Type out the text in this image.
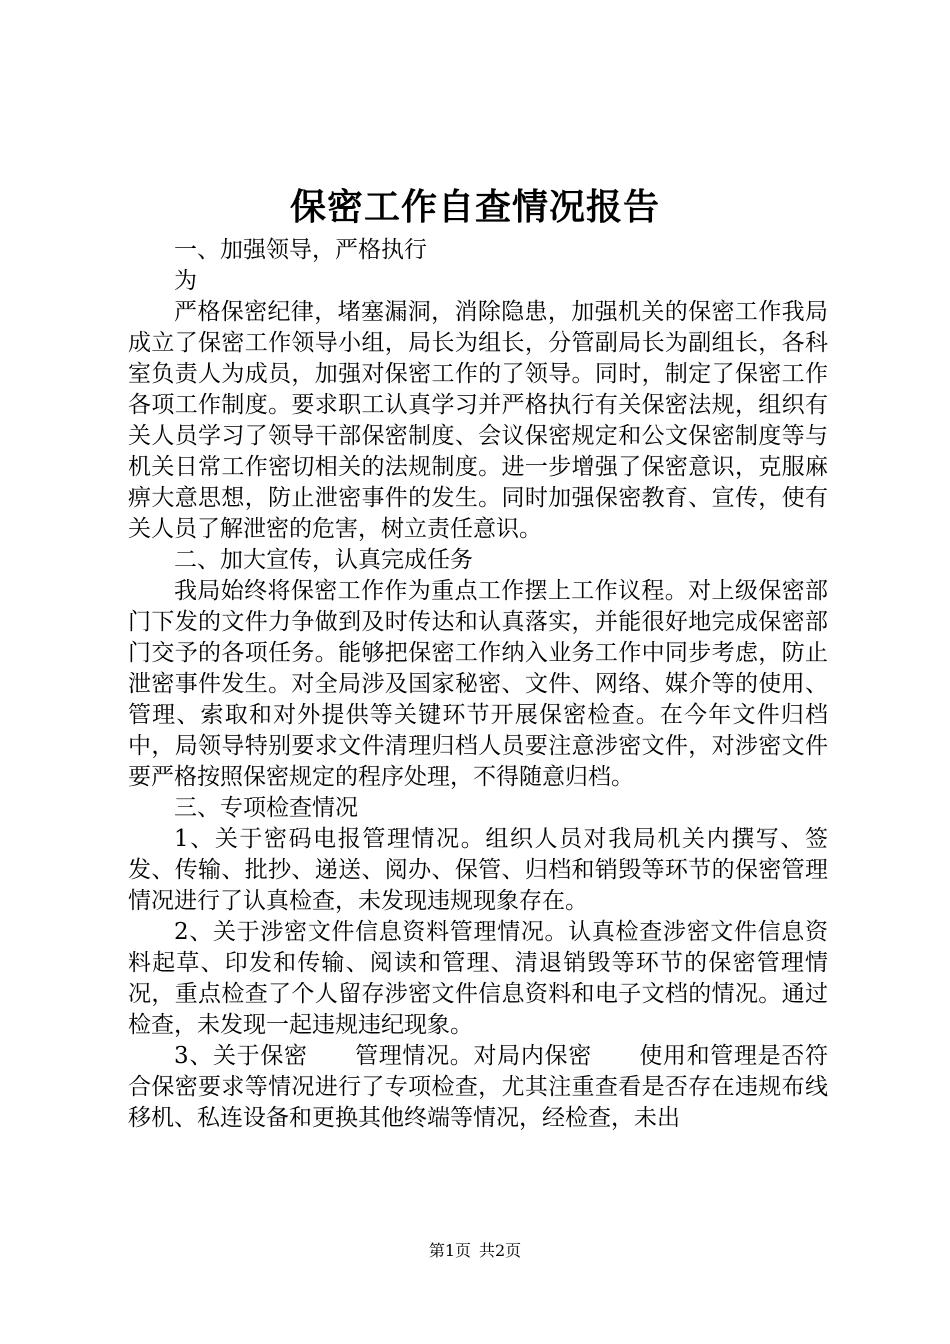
保密工作自查情况报告

一、加强领导，严格执行

为

严格保密纪律，堵塞漏洞，消除隐患，加强机关的保密工作我局成立了保密工作领导小组，局长为组长，分管副局长为副组长，各科室负责人为成员，加强对保密工作的了领导。同时，制定了保密工作各项工作制度。要求职工认真学习并严格执行有关保密法规，组织有关人员学习了领导干部保密制度、会议保密规定和公文保密制度等与机关日常工作密切相关的法规制度。进一步增强了保密意识，克服麻痹大意思想，防止泄密事件的发生。同时加强保密教育、宣传，使有关人员了解泄密的危害，树立责任意识。

二、加大宣传，认真完成任务

我局始终将保密工作作为重点工作摆上工作议程。对上级保密部门下发的文件力争做到及时传达和认真落实，并能很好地完成保密部门交予的各项任务。能够把保密工作纳入业务工作中同步考虑，防止泄密事件发生。对全局涉及国家秘密、文件、网络、媒介等的使用、管理、索取和对外提供等关键环节开展保密检查。在今年文件归档中，局领导特别要求文件清理归档人员要注意涉密文件，对涉密文件要严格按照保密规定的程序处理，不得随意归档。

三、专项检查情况

1、关于密码电报管理情况。组织人员对我局机关内撰写、签发、传输、批抄、递送、阅办、保管、归档和销毁等环节的保密管理情况进行了认真检查，未发现违规现象存在。

2、关于涉密文件信息资料管理情况。认真检查涉密文件信息资料起草、印发和传输、阅读和管理、清退销毁等环节的保密管理情况，重点检查了个人留存涉密文件信息资料和电子文档的情况。通过检查，未发现一起违规违纪现象。

3、关于保密　　管理情况。对局内保密　　使用和管理是否符合保密要求等情况进行了专项检查，尤其注重查看是否存在违规布线移机、私连设备和更换其他终端等情况，经检查，未出

第1页 共2页
